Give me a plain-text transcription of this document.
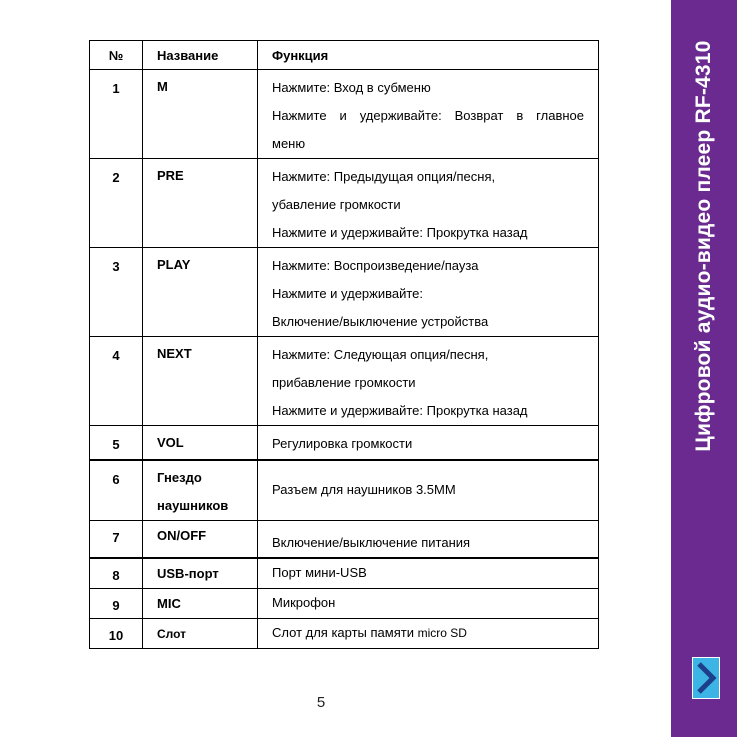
№	Название	Функция
1	M	Нажмите: Вход в субменю
Нажмите и удерживайте: Возврат в главное
меню

2	PRE	Нажмите: Предыдущая опция/песня,
убавление громкости
Нажмите и удерживайте: Прокрутка назад

3	PLAY	Нажмите: Воспроизведение/пауза
Нажмите и удерживайте:
Включение/выключение устройства

4	NEXT	Нажмите: Следующая опция/песня,
прибавление громкости
Нажмите и удерживайте: Прокрутка назад

5	VOL	Регулировка громкости

6	Гнездо
наушников	Разъем для наушников 3.5MM

7	ON/OFF	Включение/выключение питания

8	USB-порт	Порт мини-USB

9	MIC	Микрофон

10	Слот	Слот для карты памяти micro SD
Цифровой аудио-видео плеер RF-4310
5
